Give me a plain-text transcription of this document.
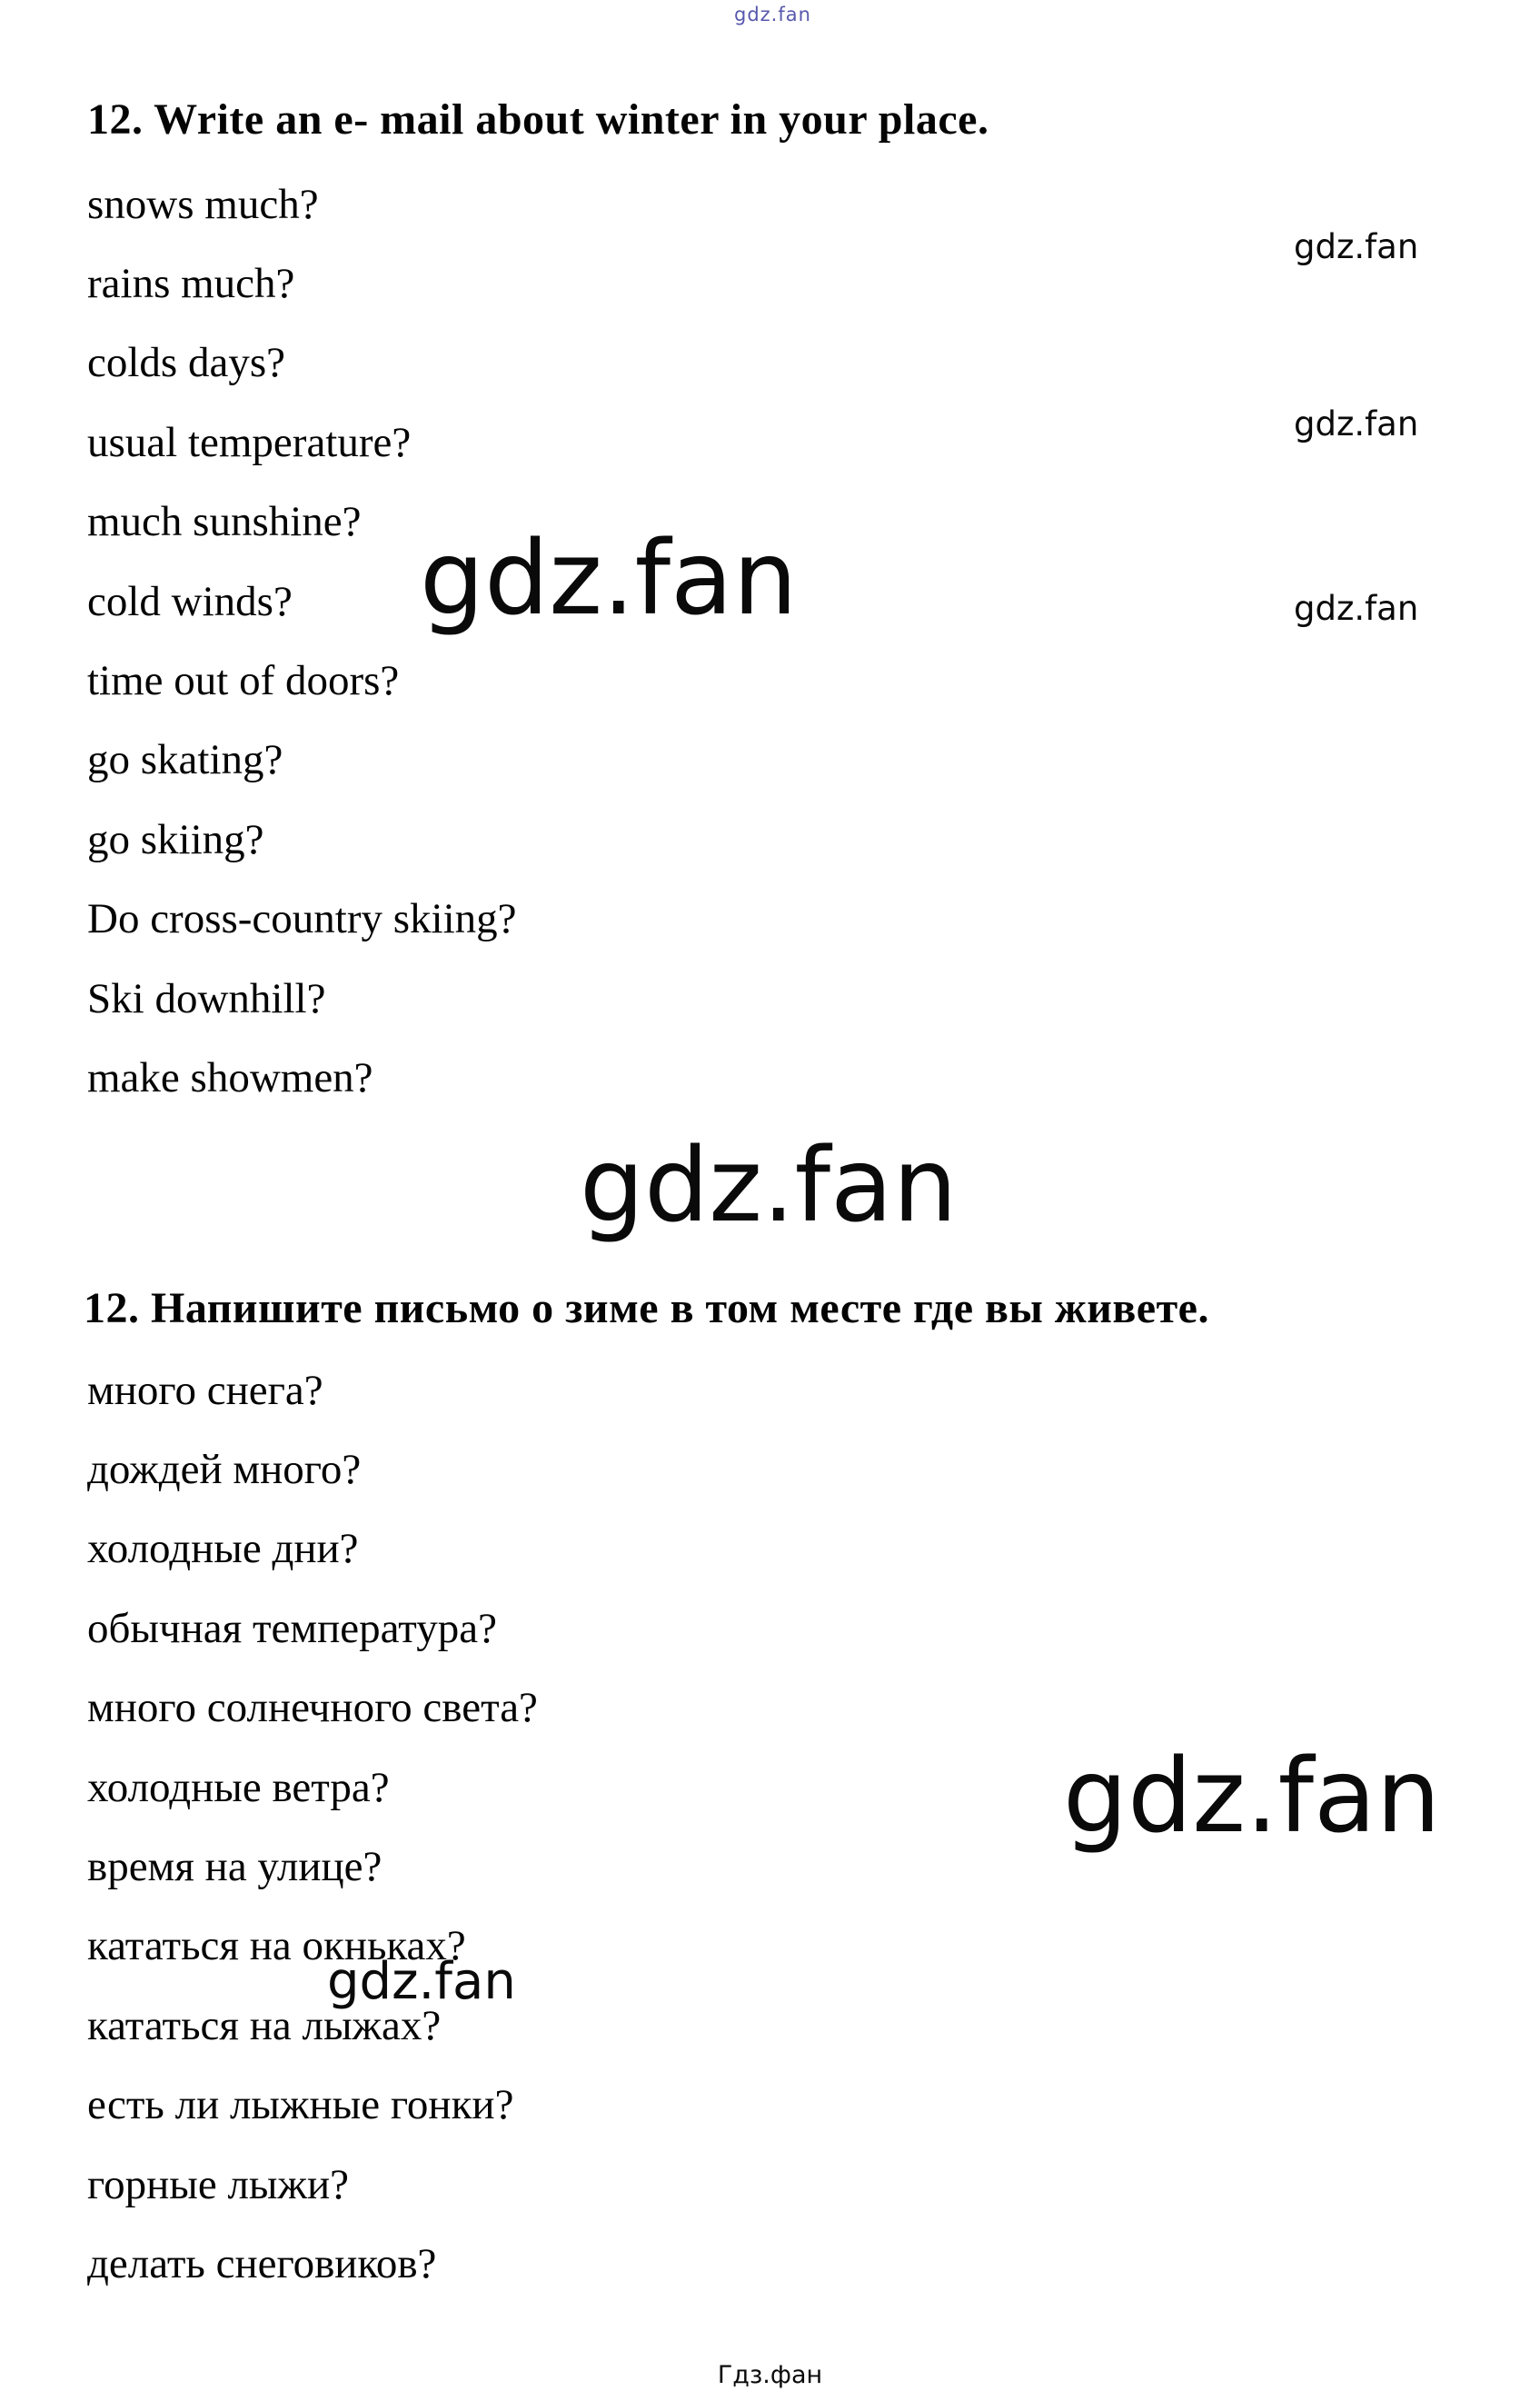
gdz.fan
12. Write an e- mail about winter in your place.
snows much?
rains much?
colds days?
usual temperature?
much sunshine?
cold winds?
time out of doors?
go skating?
go skiing?
Do cross-country skiing?
Ski downhill?
make showmen?
gdz.fan
gdz.fan
gdz.fan
gdz.fan
gdz.fan
gdz.fan
gdz.fan
12. Напишите письмо о зиме в том месте где вы живете.
много снега?
дождей много?
холодные дни?
обычная температура?
много солнечного света?
холодные ветра?
время на улице?
кататься на окньках?
кататься на лыжах?
есть ли лыжные гонки?
горные лыжи?
делать снеговиков?
Гдз.фан
